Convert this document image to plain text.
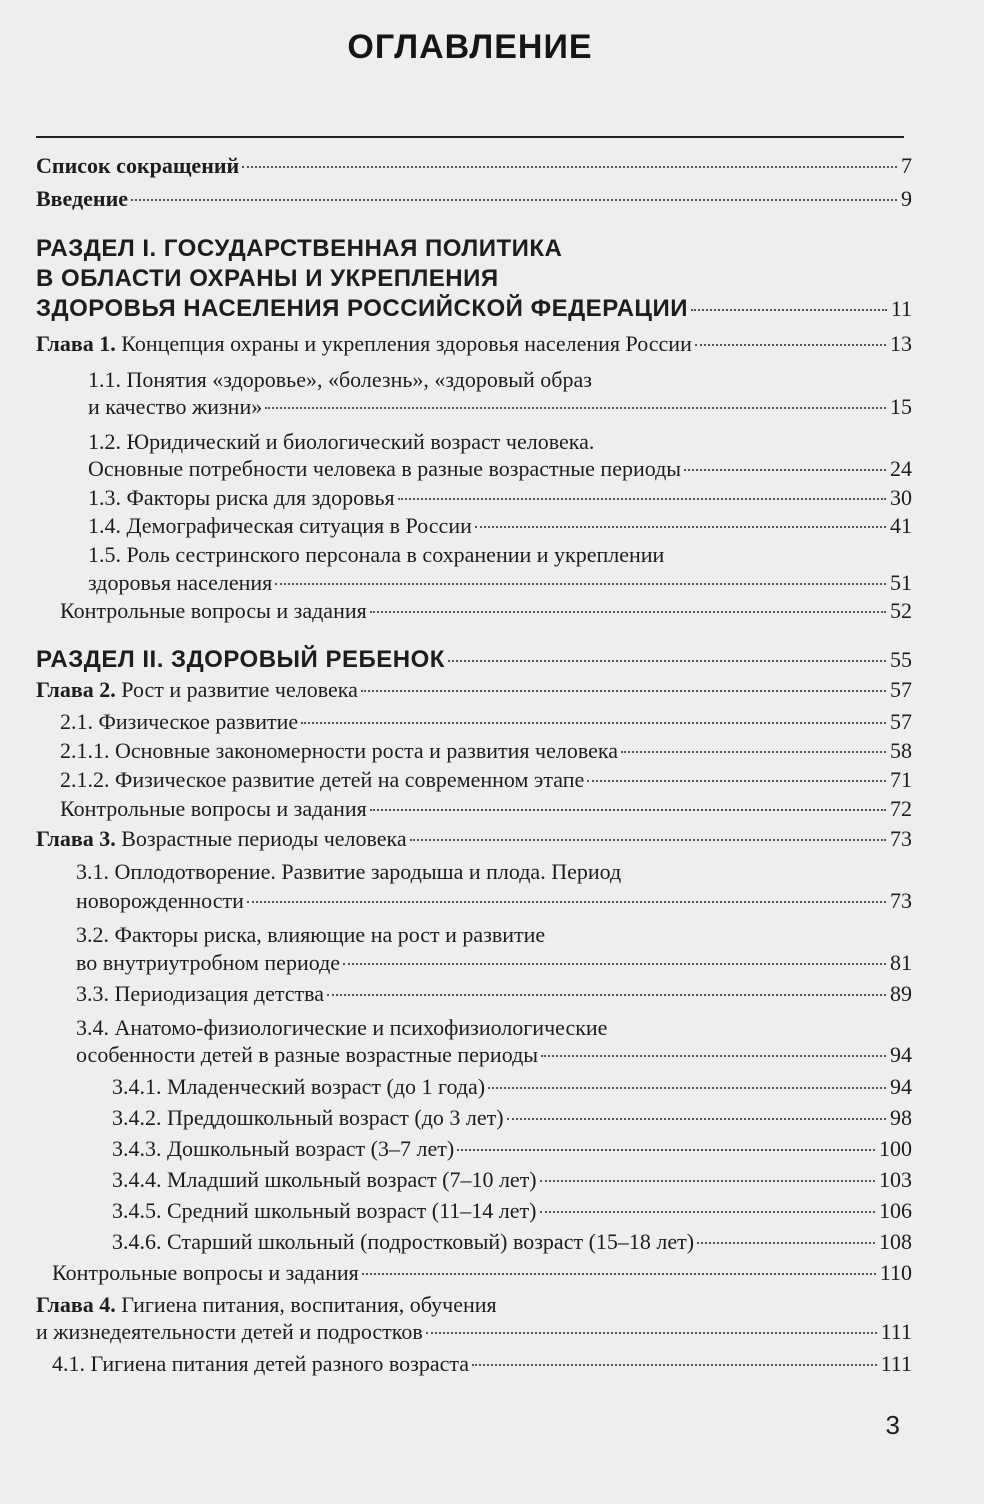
ОГЛАВЛЕНИЕ
Список сокращений	7
Введение	9
РАЗДЕЛ I. ГОСУДАРСТВЕННАЯ ПОЛИТИКА
В ОБЛАСТИ ОХРАНЫ И УКРЕПЛЕНИЯ
ЗДОРОВЬЯ НАСЕЛЕНИЯ РОССИЙСКОЙ ФЕДЕРАЦИИ	11
Глава 1. Концепция охраны и укрепления здоровья населения России	13
1.1. Понятия «здоровье», «болезнь», «здоровый образ
и качество жизни»	15
1.2. Юридический и биологический возраст человека.
Основные потребности человека в разные возрастные периоды	24
1.3. Факторы риска для здоровья	30
1.4. Демографическая ситуация в России	41
1.5. Роль сестринского персонала в сохранении и укреплении
здоровья населения	51
Контрольные вопросы и задания	52
РАЗДЕЛ II. ЗДОРОВЫЙ РЕБЕНОК	55
Глава 2. Рост и развитие человека	57
2.1. Физическое развитие	57
2.1.1. Основные закономерности роста и развития человека	58
2.1.2. Физическое развитие детей на современном этапе	71
Контрольные вопросы и задания	72
Глава 3. Возрастные периоды человека	73
3.1. Оплодотворение. Развитие зародыша и плода. Период
новорожденности	73
3.2. Факторы риска, влияющие на рост и развитие
во внутриутробном периоде	81
3.3. Периодизация детства	89
3.4. Анатомо-физиологические и психофизиологические
особенности детей в разные возрастные периоды	94
3.4.1. Младенческий возраст (до 1 года)	94
3.4.2. Преддошкольный возраст (до 3 лет)	98
3.4.3. Дошкольный возраст (3–7 лет)	100
3.4.4. Младший школьный возраст (7–10 лет)	103
3.4.5. Средний школьный возраст (11–14 лет)	106
3.4.6. Старший школьный (подростковый) возраст (15–18 лет)	108
Контрольные вопросы и задания	110
Глава 4. Гигиена питания, воспитания, обучения
и жизнедеятельности детей и подростков	111
4.1. Гигиена питания детей разного возраста	111
3
